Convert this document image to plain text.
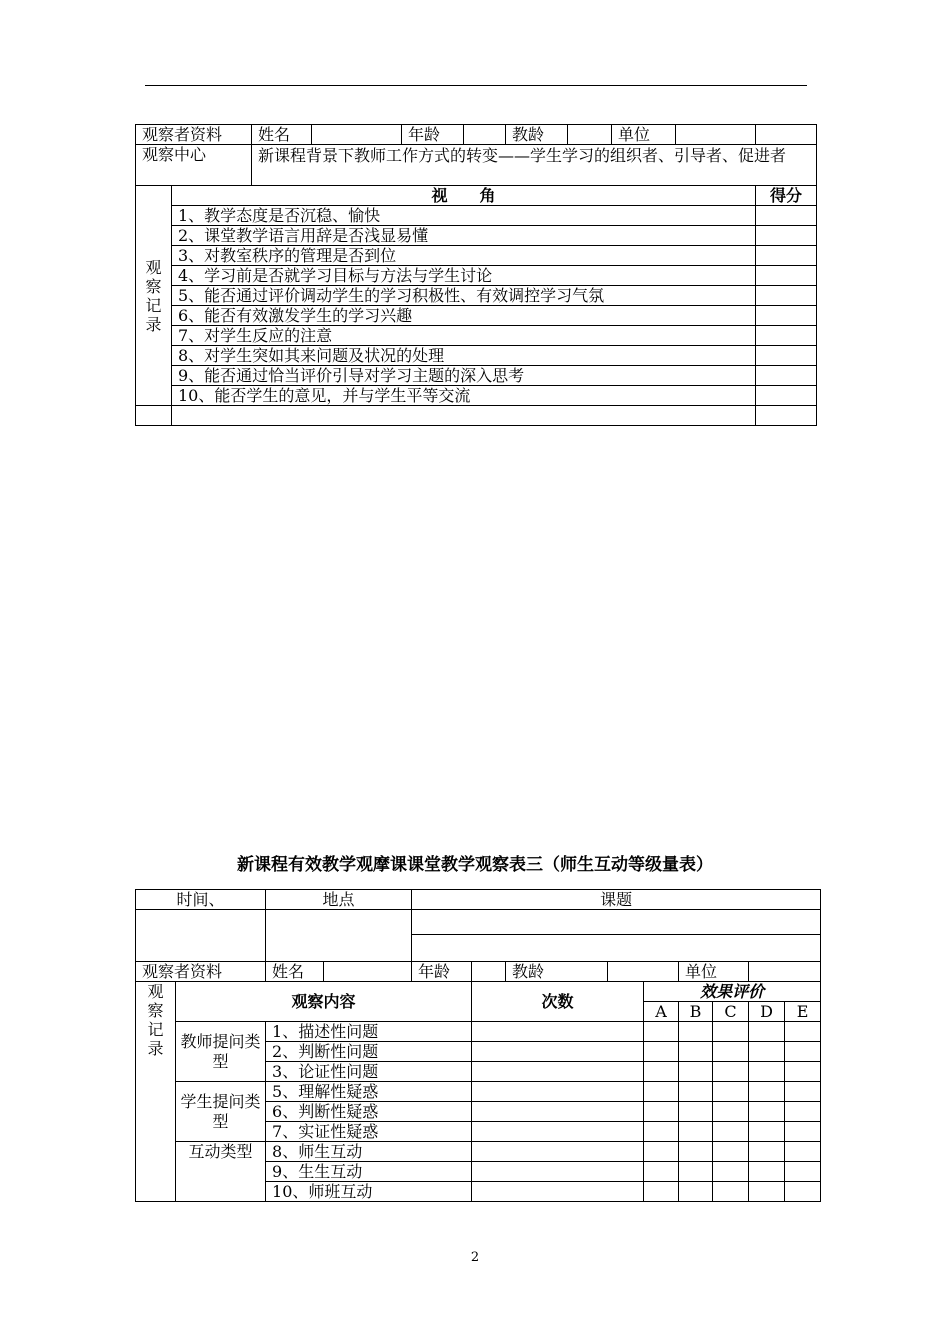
观察者资料		姓名		年龄		教龄		单位		
观察中心		新课程背景下教师工作方式的转变——学生学习的组织者、引导者、促进者								

观
察
记
录	视　　角									得分
	1、教学态度是否沉稳、愉快									
	2、课堂教学语言用辞是否浅显易懂									
	3、对教室秩序的管理是否到位									
	4、学习前是否就学习目标与方法与学生讨论									
	5、能否通过评价调动学生的学习积极性、有效调控学习气氛									
	6、能否有效激发学生的学习兴趣									
	7、对学生反应的注意									
	8、对学生突如其来问题及状况的处理									
	9、能否通过恰当评价引导对学习主题的深入思考									
	10、能否学生的意见，并与学生平等交流									

新课程有效教学观摩课课堂教学观察表三（师生互动等级量表）
时间、		地点		课题								

观察者资料		姓名		年龄		教龄			单位			

观
察
记
录	观察内容				次数			效果评价				
								A	B	C	D	E
	教师提问类型	1、描述性问题										
		2、判断性问题										
		3、论证性问题										
	学生提问类型	5、理解性疑惑										
		6、判断性疑惑										
		7、实证性疑惑										
	互动类型	8、师生互动										
		9、生生互动										
		10、师班互动										
2
